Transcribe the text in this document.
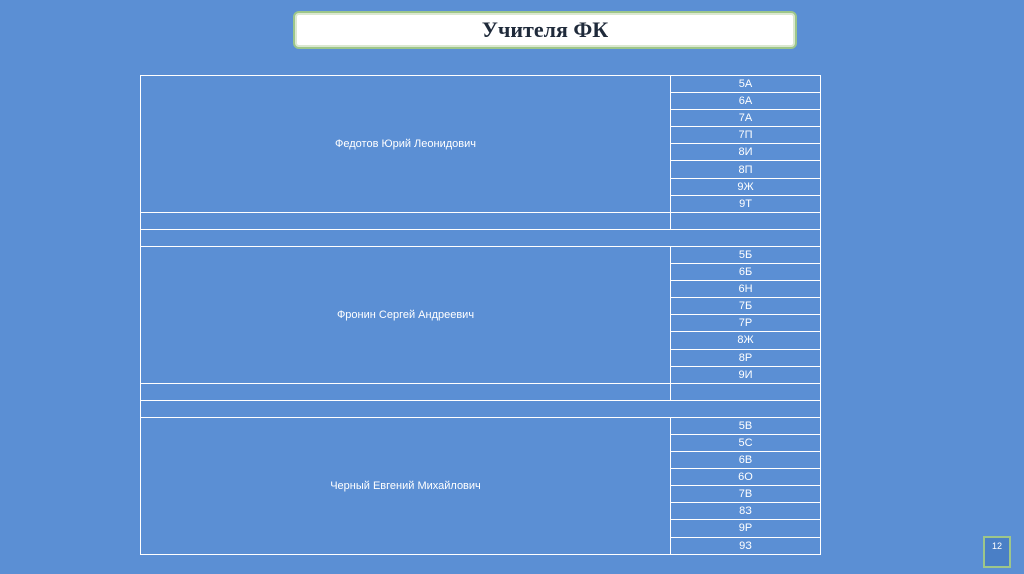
Учителя ФК
Федотов Юрий Леонидович	5А
	6А
	7А
	7П
	8И
	8П
	9Ж
	9Т

Фронин Сергей Андреевич	5Б
	6Б
	6Н
	7Б
	7Р
	8Ж
	8Р
	9И

Черный Евгений Михайлович	5В
	5С
	6В
	6О
	7В
	8З
	9Р
	9З	12
